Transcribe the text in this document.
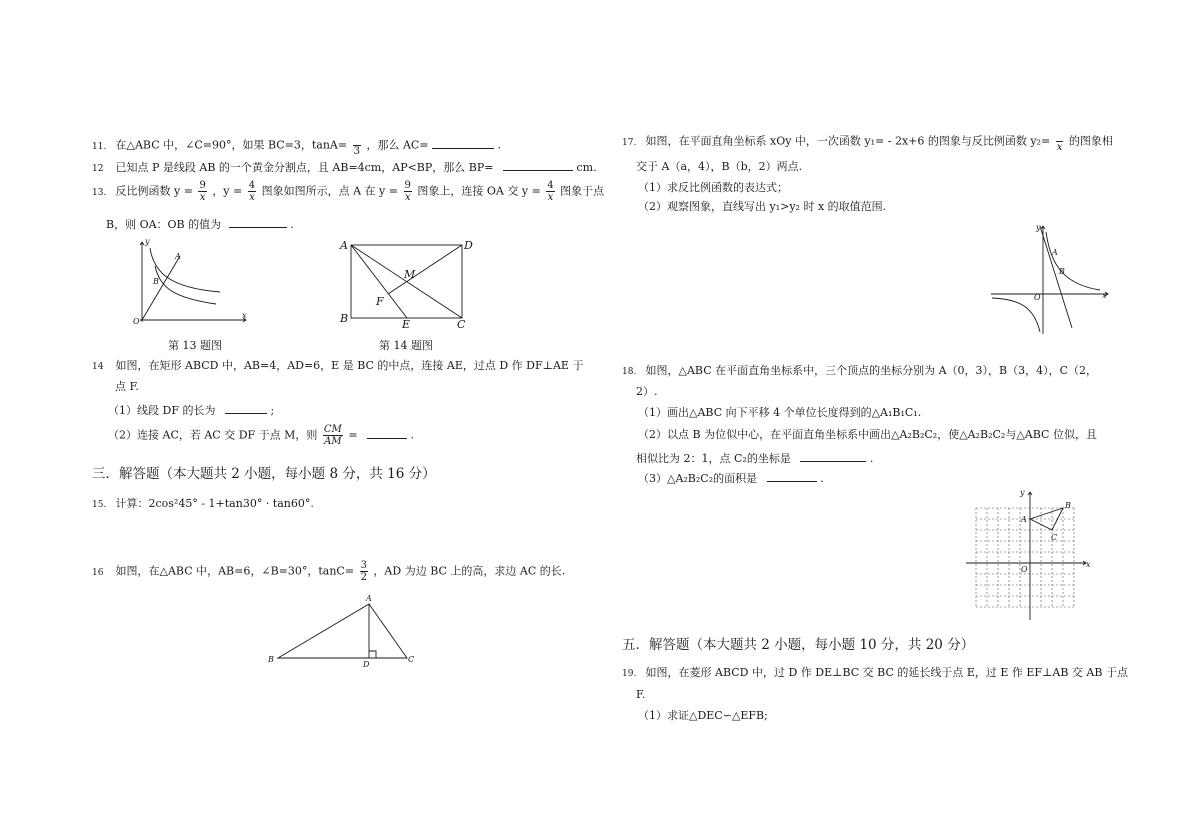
11. 在△ABC 中，∠C=90°，如果 BC=3，tanA=
3 ，那么 AC=	.
12 已知点 P 是线段 AB 的一个黄金分割点，且 AB=4cm，AP<BP，那么 BP=	cm.
13. 反比例函数 $y = \frac{9}{x}$ ，$y = \frac{4}{x}$ 图象如图所示，点 A 在 $y = \frac{9}{x}$ 图象上，连接 OA 交 $y = \frac{4}{x}$ 图象于点
B，则 OA：OB 的值为	.
y
x
O
A
B
第 13 题图
A	D
B	C
E
M
F
第 14 题图
14 如图，在矩形 ABCD 中，AB=4，AD=6，E 是 BC 的中点，连接 AE，过点 D 作 DF⊥AE 于
点 F.
（1）线段 DF 的长为	;
（2）连接 AC，若 AC 交 DF 于点 M，则 $\frac{CM}{AM}$ =	.
三．解答题（本大题共 2 小题，每小题 8 分，共 16 分）
15. 计算：2cos²45° - 1+tan30° · tan60°.
16 如图，在△ABC 中，AB=6，∠B=30°，$\tan C= \frac{3}{2}$ ，AD 为边 BC 上的高，求边 AC 的长.
A
B	C
D
17. 如图，在平面直角坐标系 xOy 中，一次函数 y₁= - 2x+6 的图象与反比例函数 y₂=
x 的图象相
交于 A（a，4），B（b，2）两点.
（1）求反比例函数的表达式；
（2）观察图象，直线写出 y₁>y₂ 时 x 的取值范围.
y
x
O
A
B
18. 如图，△ABC 在平面直角坐标系中，三个顶点的坐标分别为 A（0，3），B（3，4），C（2，
2）.
（1）画出△ABC 向下平移 4 个单位长度得到的△A₁B₁C₁.
（2）以点 B 为位似中心，在平面直角坐标系中画出△A₂B₂C₂，使△A₂B₂C₂与△ABC 位似，且
相似比为 2：1，点 C₂的坐标是	.
（3）△A₂B₂C₂的面积是	.
y
x
O
A
B
C
五．解答题（本大题共 2 小题，每小题 10 分，共 20 分）
19. 如图，在菱形 ABCD 中，过 D 作 DE⊥BC 交 BC 的延长线于点 E，过 E 作 EF⊥AB 交 AB 于点
F.
（1）求证△DEC∽△EFB;
